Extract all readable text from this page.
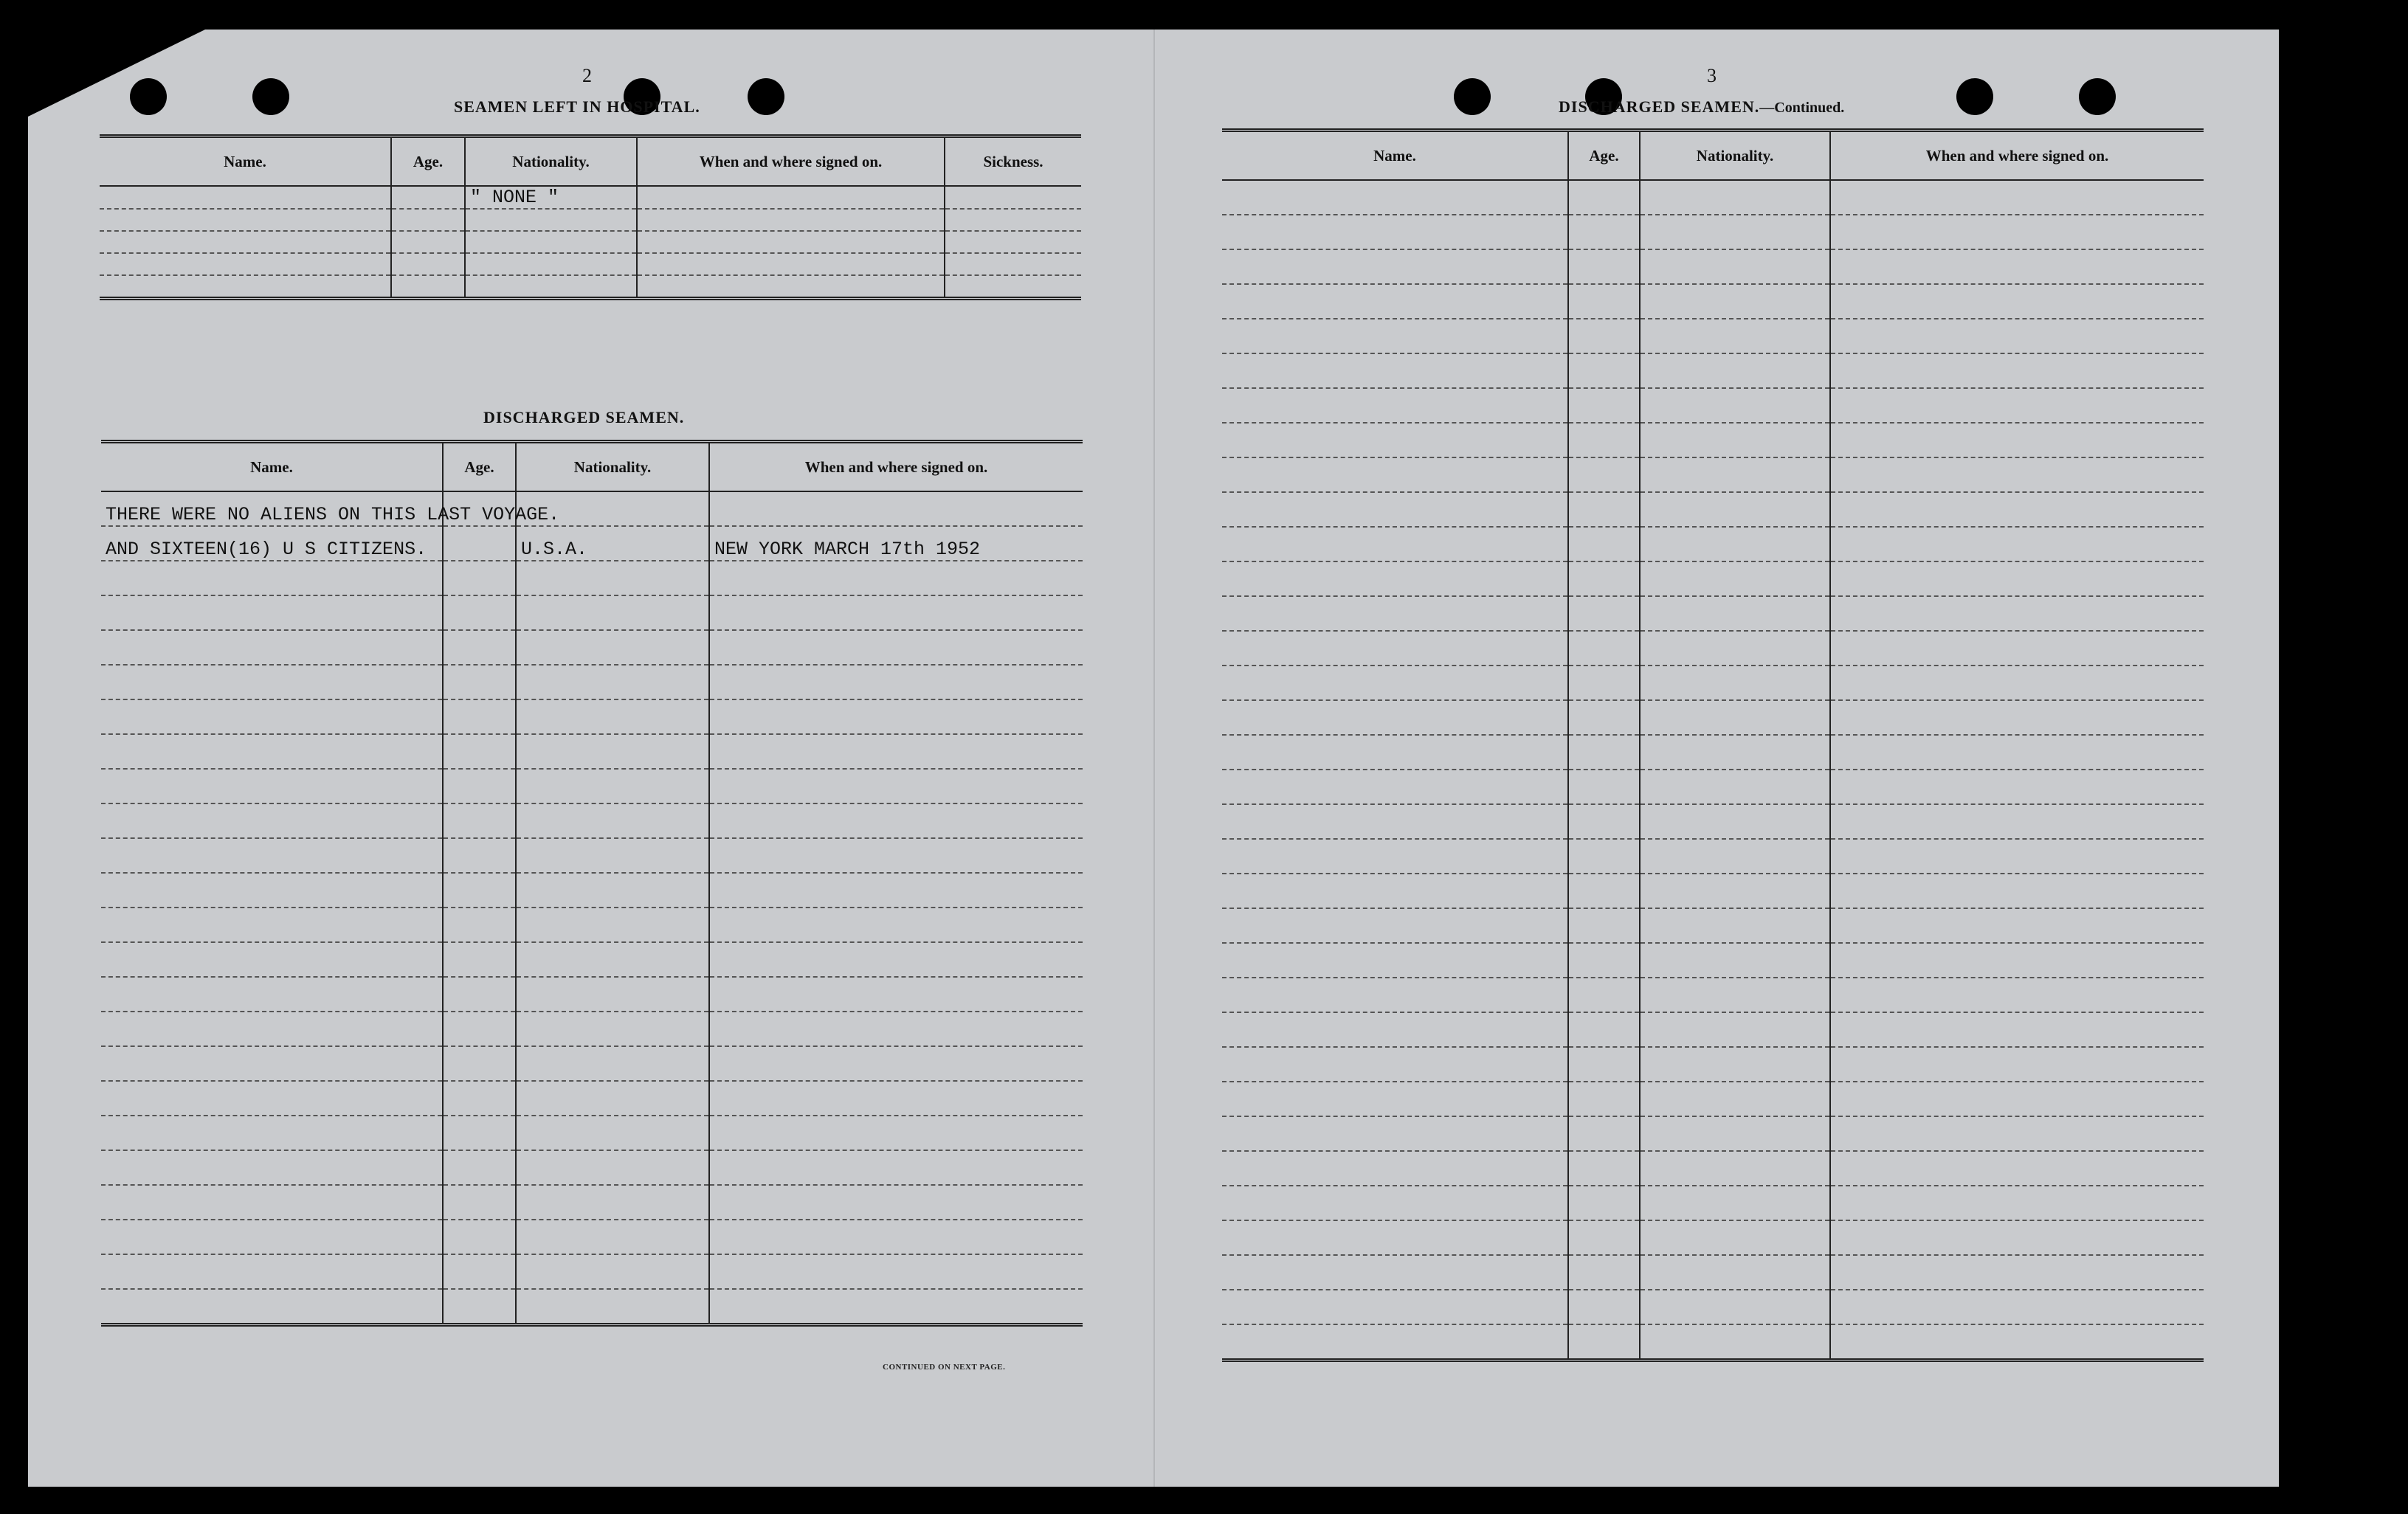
2
SEAMEN LEFT IN HOSPITAL.
Name.	Age.	Nationality.	When and where signed on.	Sickness.
		" NONE "		

DISCHARGED SEAMEN.
Name.	Age.	Nationality.	When and where signed on.
THERE WERE NO ALIENS ON THIS LAST VOYAGE.			
AND SIXTEEN(16) U S CITIZENS.		U.S.A.	NEW YORK MARCH 17th 1952

CONTINUED ON NEXT PAGE.
3
DISCHARGED SEAMEN.—Continued.
Name.	Age.	Nationality.	When and where signed on.
